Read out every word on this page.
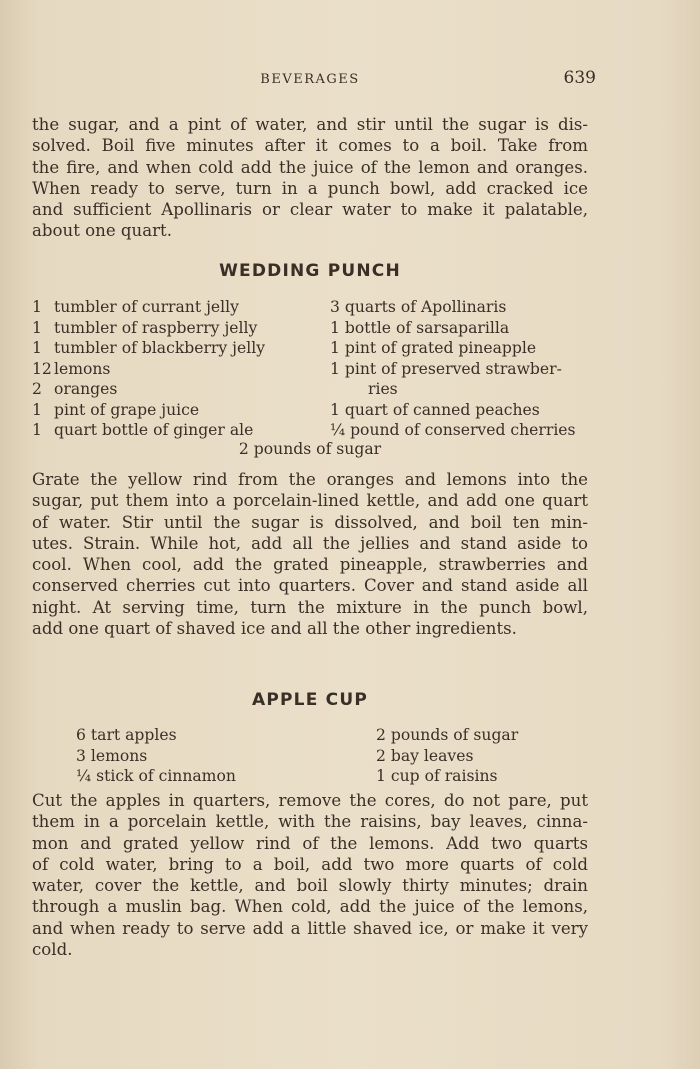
BEVERAGES	639
the sugar, and a pint of water, and stir until the sugar is dis-
solved. Boil five minutes after it comes to a boil. Take from
the fire, and when cold add the juice of the lemon and oranges.
When ready to serve, turn in a punch bowl, add cracked ice
and sufficient Apollinaris or clear water to make it palatable,
about one quart.
WEDDING PUNCH
1 tumbler of currant jelly
1 tumbler of raspberry jelly
1 tumbler of blackberry jelly
12 lemons
2 oranges
1 pint of grape juice
1 quart bottle of ginger ale
3 quarts of Apollinaris
1 bottle of sarsaparilla
1 pint of grated pineapple
1 pint of preserved strawber-
ries
1 quart of canned peaches
¼ pound of conserved cherries
2 pounds of sugar
Grate the yellow rind from the oranges and lemons into the
sugar, put them into a porcelain-lined kettle, and add one quart
of water. Stir until the sugar is dissolved, and boil ten min-
utes. Strain. While hot, add all the jellies and stand aside to
cool. When cool, add the grated pineapple, strawberries and
conserved cherries cut into quarters. Cover and stand aside all
night. At serving time, turn the mixture in the punch bowl,
add one quart of shaved ice and all the other ingredients.
APPLE CUP
6 tart apples
3 lemons
¼ stick of cinnamon
2 pounds of sugar
2 bay leaves
1 cup of raisins
Cut the apples in quarters, remove the cores, do not pare, put
them in a porcelain kettle, with the raisins, bay leaves, cinna-
mon and grated yellow rind of the lemons. Add two quarts
of cold water, bring to a boil, add two more quarts of cold
water, cover the kettle, and boil slowly thirty minutes; drain
through a muslin bag. When cold, add the juice of the lemons,
and when ready to serve add a little shaved ice, or make it very
cold.
